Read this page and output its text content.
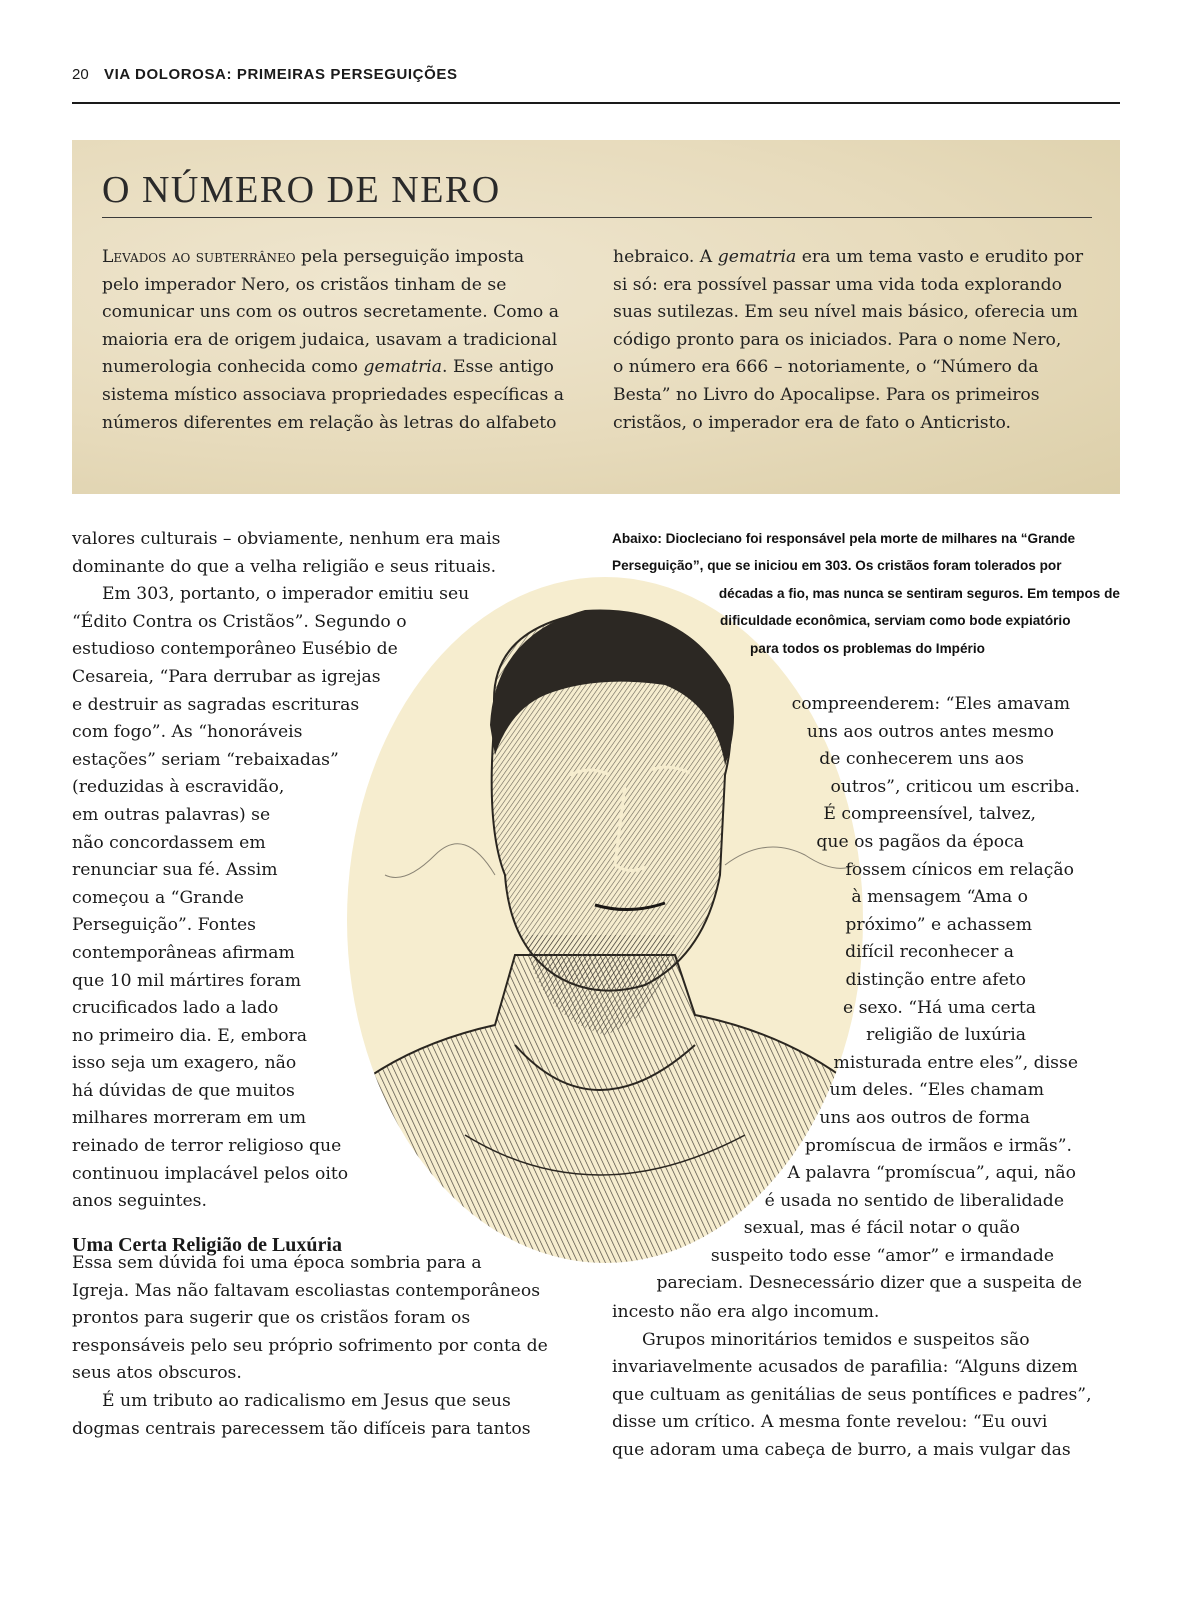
20 VIA DOLOROSA: PRIMEIRAS PERSEGUIÇÕES
O NÚMERO DE NERO
Levados ao subterrâneo pela perseguição imposta
pelo imperador Nero, os cristãos tinham de se
comunicar uns com os outros secretamente. Como a
maioria era de origem judaica, usavam a tradicional
numerologia conhecida como gematria. Esse antigo
sistema místico associava propriedades específicas a
números diferentes em relação às letras do alfabeto
hebraico. A gematria era um tema vasto e erudito por
si só: era possível passar uma vida toda explorando
suas sutilezas. Em seu nível mais básico, oferecia um
código pronto para os iniciados. Para o nome Nero,
o número era 666 – notoriamente, o “Número da
Besta” no Livro do Apocalipse. Para os primeiros
cristãos, o imperador era de fato o Anticristo.
Abaixo: Diocleciano foi responsável pela morte de milhares na “Grande
Perseguição”, que se iniciou em 303. Os cristãos foram tolerados por
décadas a fio, mas nunca se sentiram seguros. Em tempos de
dificuldade econômica, serviam como bode expiatório
para todos os problemas do Império
valores culturais – obviamente, nenhum era mais
dominante do que a velha religião e seus rituais.
Em 303, portanto, o imperador emitiu seu
“Édito Contra os Cristãos”. Segundo o
estudioso contemporâneo Eusébio de
Cesareia, “Para derrubar as igrejas
e destruir as sagradas escrituras
com fogo”. As “honoráveis
estações” seriam “rebaixadas”
(reduzidas à escravidão,
em outras palavras) se
não concordassem em
renunciar sua fé. Assim
começou a “Grande
Perseguição”. Fontes
contemporâneas afirmam
que 10 mil mártires foram
crucificados lado a lado
no primeiro dia. E, embora
isso seja um exagero, não
há dúvidas de que muitos
milhares morreram em um
reinado de terror religioso que
continuou implacável pelos oito
anos seguintes.
compreenderem: “Eles amavam
uns aos outros antes mesmo
de conhecerem uns aos
outros”, criticou um escriba.
É compreensível, talvez,
que os pagãos da época
fossem cínicos em relação
à mensagem “Ama o
próximo” e achassem
difícil reconhecer a
distinção entre afeto
e sexo. “Há uma certa
religião de luxúria
misturada entre eles”, disse
um deles. “Eles chamam
uns aos outros de forma
promíscua de irmãos e irmãs”.
A palavra “promíscua”, aqui, não
é usada no sentido de liberalidade
sexual, mas é fácil notar o quão
suspeito todo esse “amor” e irmandade
pareciam. Desnecessário dizer que a suspeita de
Uma Certa Religião de Luxúria
Essa sem dúvida foi uma época sombria para a
Igreja. Mas não faltavam escoliastas contemporâneos
prontos para sugerir que os cristãos foram os
responsáveis pelo seu próprio sofrimento por conta de
seus atos obscuros.
É um tributo ao radicalismo em Jesus que seus
dogmas centrais parecessem tão difíceis para tantos
incesto não era algo incomum.
Grupos minoritários temidos e suspeitos são
invariavelmente acusados de parafilia: “Alguns dizem
que cultuam as genitálias de seus pontífices e padres”,
disse um crítico. A mesma fonte revelou: “Eu ouvi
que adoram uma cabeça de burro, a mais vulgar das
